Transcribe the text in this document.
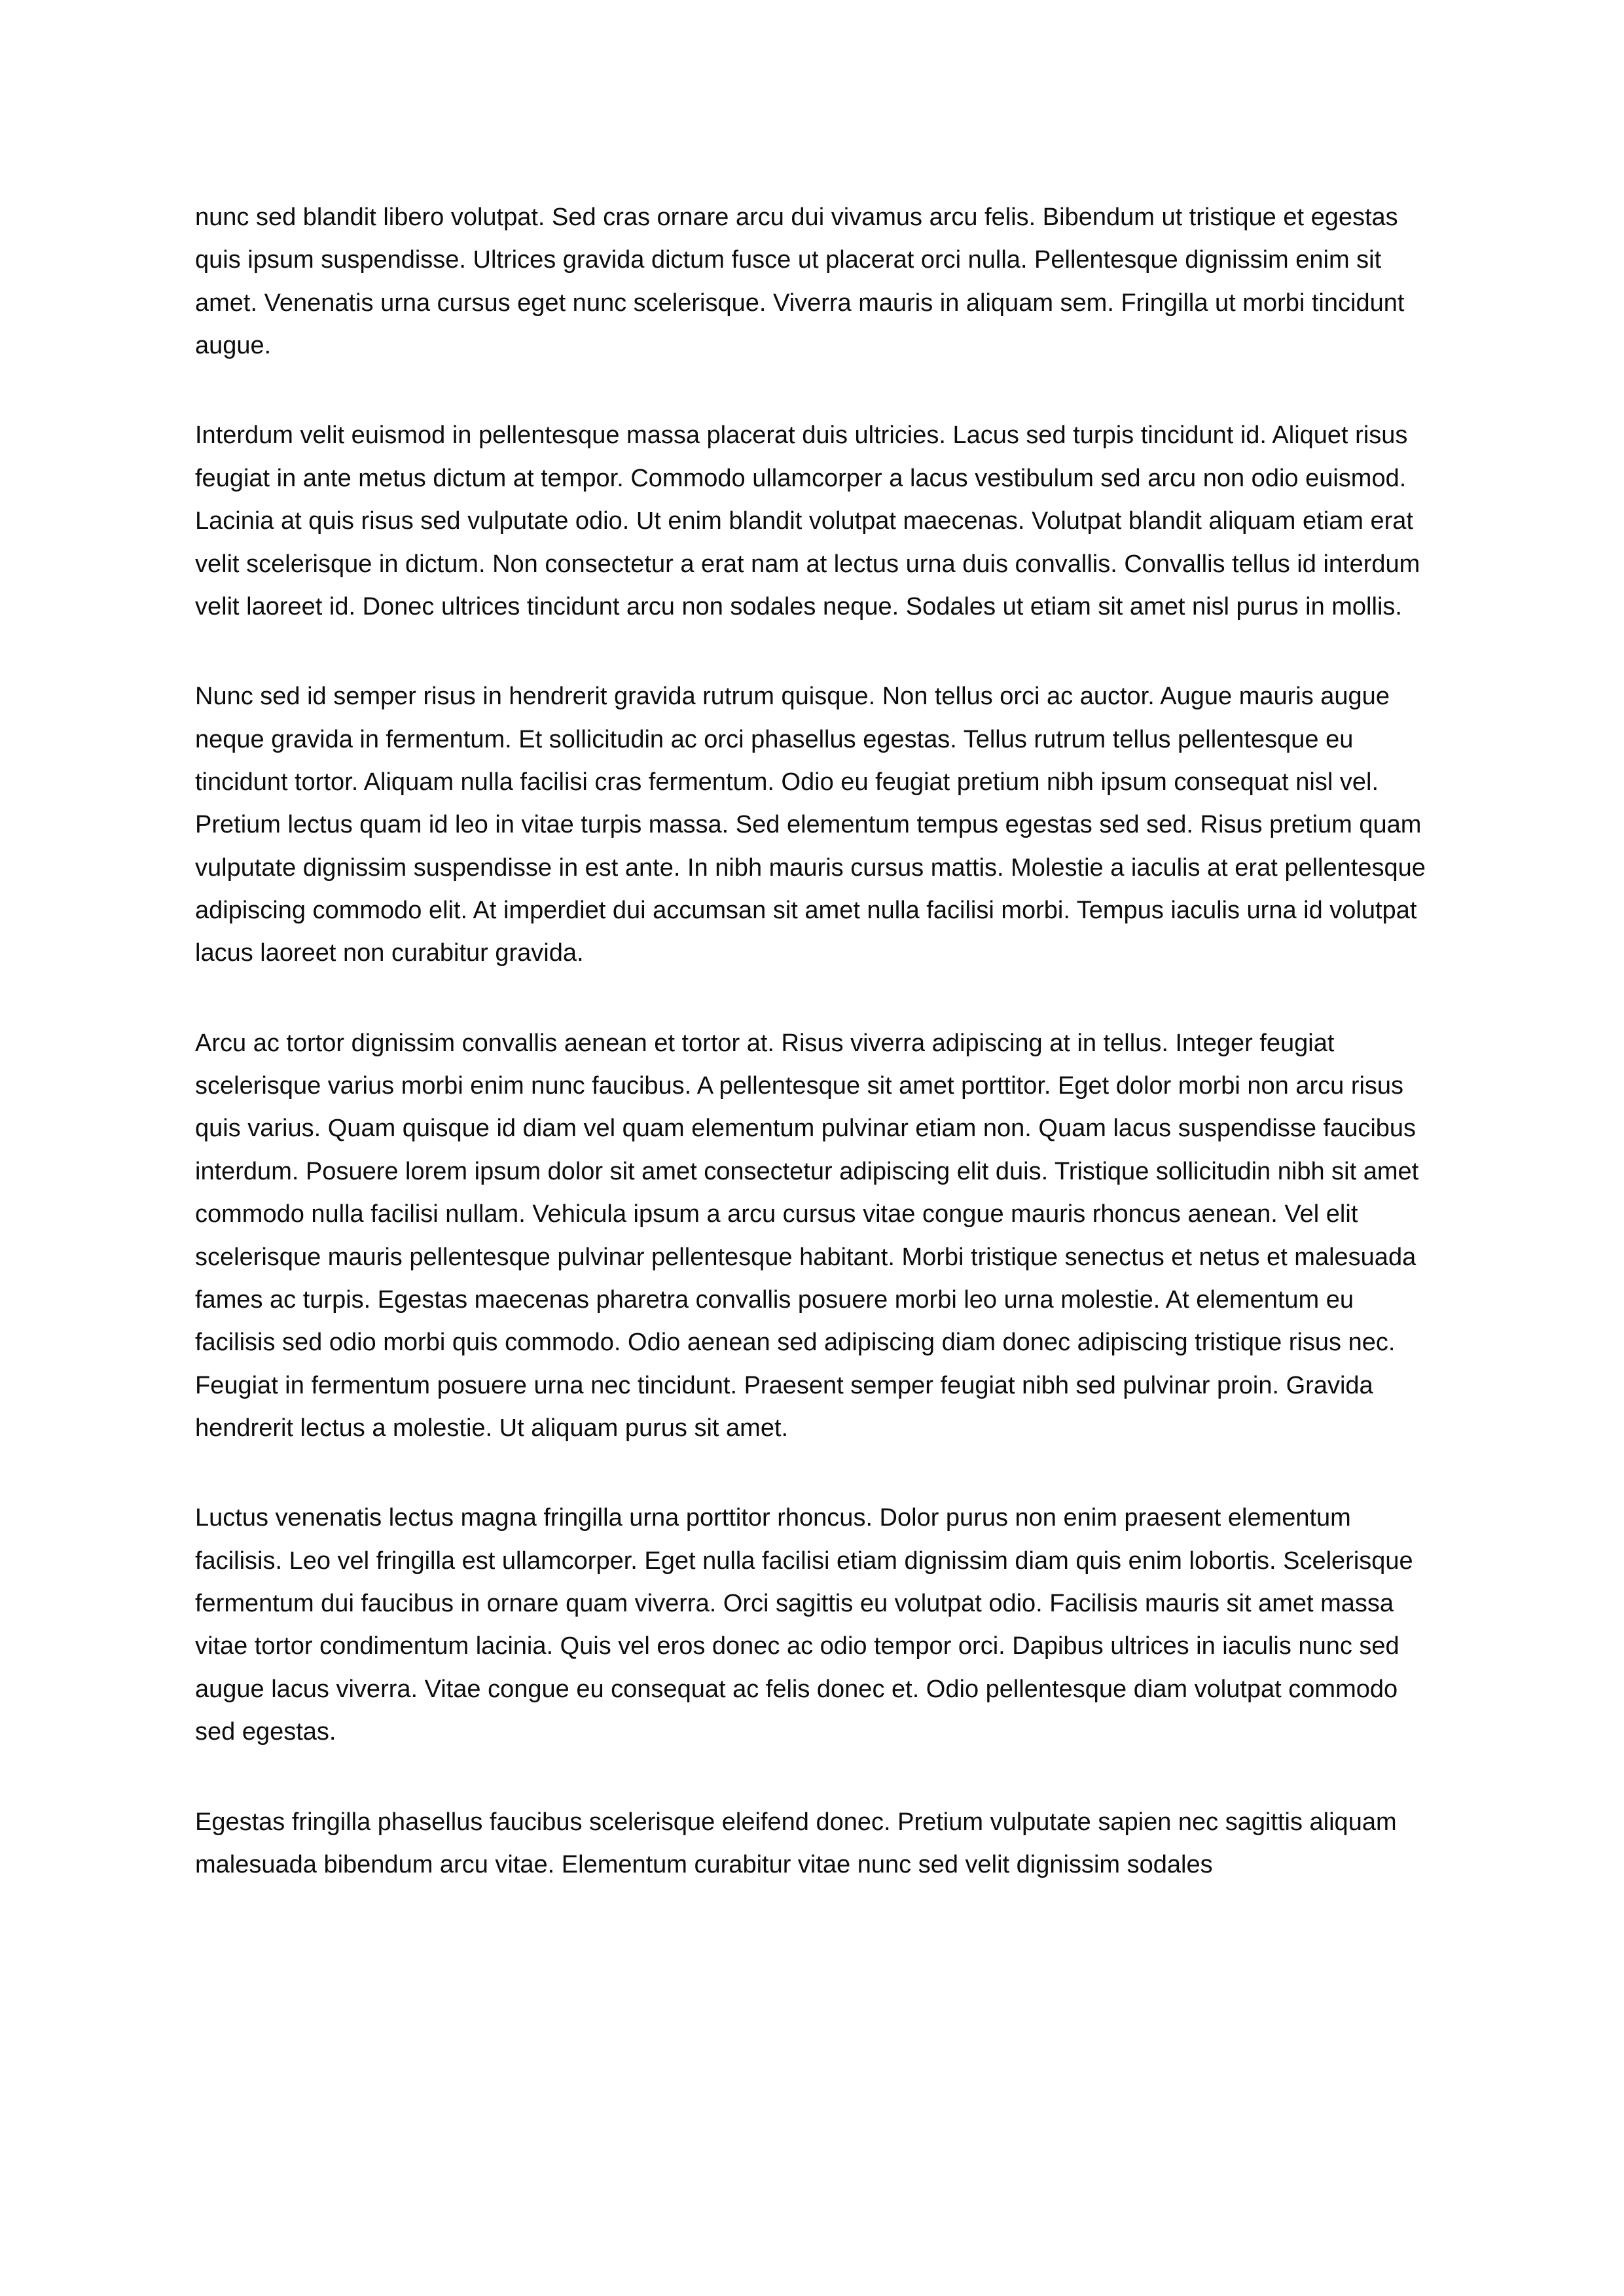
nunc sed blandit libero volutpat. Sed cras ornare arcu dui vivamus arcu felis. Bibendum ut tristique et egestas quis ipsum suspendisse. Ultrices gravida dictum fusce ut placerat orci nulla. Pellentesque dignissim enim sit amet. Venenatis urna cursus eget nunc scelerisque. Viverra mauris in aliquam sem. Fringilla ut morbi tincidunt augue.

Interdum velit euismod in pellentesque massa placerat duis ultricies. Lacus sed turpis tincidunt id. Aliquet risus feugiat in ante metus dictum at tempor. Commodo ullamcorper a lacus vestibulum sed arcu non odio euismod. Lacinia at quis risus sed vulputate odio. Ut enim blandit volutpat maecenas. Volutpat blandit aliquam etiam erat velit scelerisque in dictum. Non consectetur a erat nam at lectus urna duis convallis. Convallis tellus id interdum velit laoreet id. Donec ultrices tincidunt arcu non sodales neque. Sodales ut etiam sit amet nisl purus in mollis.

Nunc sed id semper risus in hendrerit gravida rutrum quisque. Non tellus orci ac auctor. Augue mauris augue neque gravida in fermentum. Et sollicitudin ac orci phasellus egestas. Tellus rutrum tellus pellentesque eu tincidunt tortor. Aliquam nulla facilisi cras fermentum. Odio eu feugiat pretium nibh ipsum consequat nisl vel. Pretium lectus quam id leo in vitae turpis massa. Sed elementum tempus egestas sed sed. Risus pretium quam vulputate dignissim suspendisse in est ante. In nibh mauris cursus mattis. Molestie a iaculis at erat pellentesque adipiscing commodo elit. At imperdiet dui accumsan sit amet nulla facilisi morbi. Tempus iaculis urna id volutpat lacus laoreet non curabitur gravida.

Arcu ac tortor dignissim convallis aenean et tortor at. Risus viverra adipiscing at in tellus. Integer feugiat scelerisque varius morbi enim nunc faucibus. A pellentesque sit amet porttitor. Eget dolor morbi non arcu risus quis varius. Quam quisque id diam vel quam elementum pulvinar etiam non. Quam lacus suspendisse faucibus interdum. Posuere lorem ipsum dolor sit amet consectetur adipiscing elit duis. Tristique sollicitudin nibh sit amet commodo nulla facilisi nullam. Vehicula ipsum a arcu cursus vitae congue mauris rhoncus aenean. Vel elit scelerisque mauris pellentesque pulvinar pellentesque habitant. Morbi tristique senectus et netus et malesuada fames ac turpis. Egestas maecenas pharetra convallis posuere morbi leo urna molestie. At elementum eu facilisis sed odio morbi quis commodo. Odio aenean sed adipiscing diam donec adipiscing tristique risus nec. Feugiat in fermentum posuere urna nec tincidunt. Praesent semper feugiat nibh sed pulvinar proin. Gravida hendrerit lectus a molestie. Ut aliquam purus sit amet.

Luctus venenatis lectus magna fringilla urna porttitor rhoncus. Dolor purus non enim praesent elementum facilisis. Leo vel fringilla est ullamcorper. Eget nulla facilisi etiam dignissim diam quis enim lobortis. Scelerisque fermentum dui faucibus in ornare quam viverra. Orci sagittis eu volutpat odio. Facilisis mauris sit amet massa vitae tortor condimentum lacinia. Quis vel eros donec ac odio tempor orci. Dapibus ultrices in iaculis nunc sed augue lacus viverra. Vitae congue eu consequat ac felis donec et. Odio pellentesque diam volutpat commodo sed egestas.

Egestas fringilla phasellus faucibus scelerisque eleifend donec. Pretium vulputate sapien nec sagittis aliquam malesuada bibendum arcu vitae. Elementum curabitur vitae nunc sed velit dignissim sodales
